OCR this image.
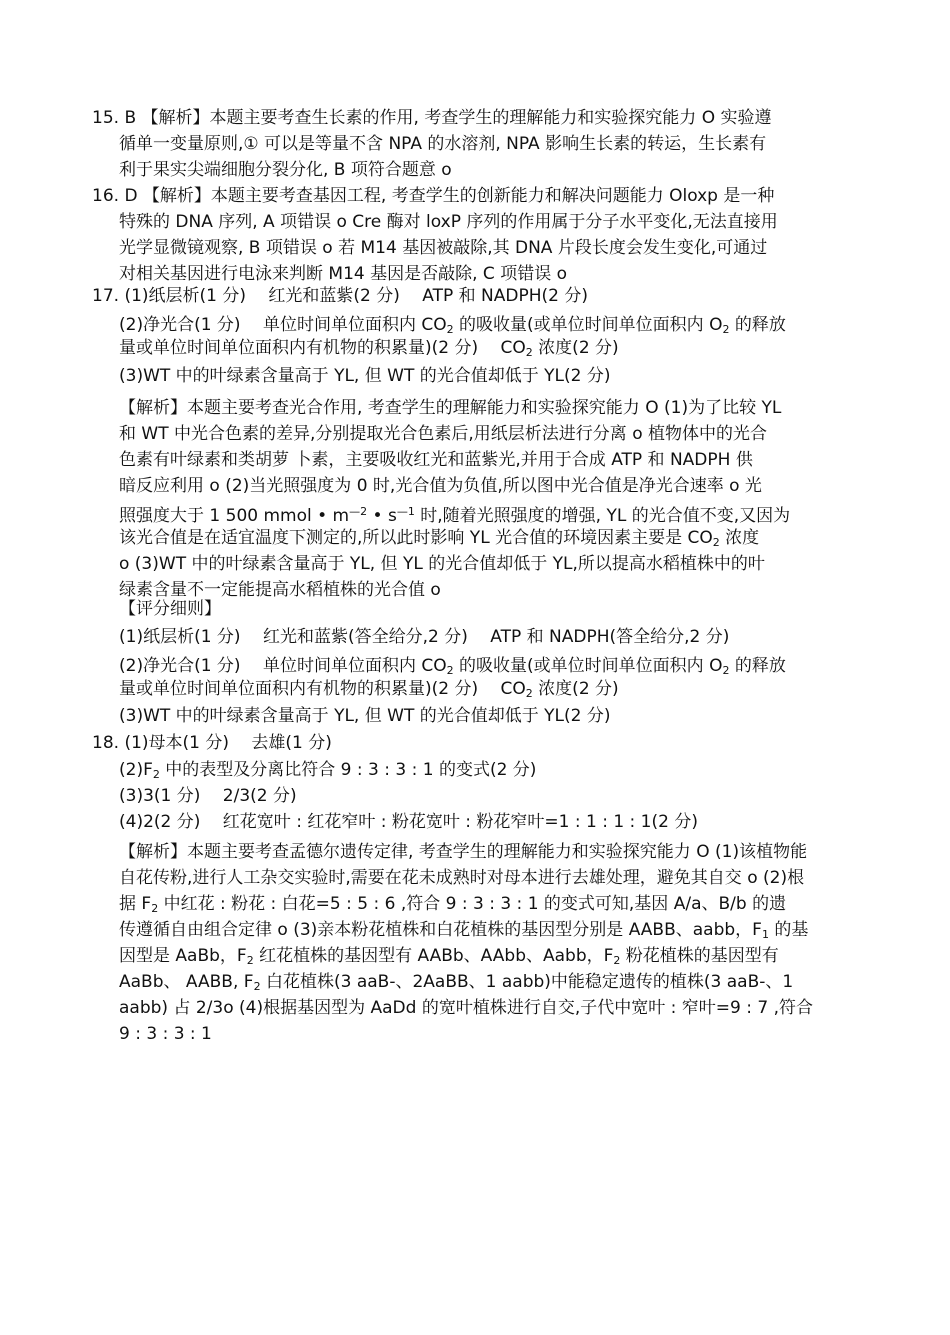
15. B 【解析】本题主要考查生长素的作用, 考查学生的理解能力和实验探究能力 O 实验遵
循单一变量原则,① 可以是等量不含 NPA 的水溶剂, NPA 影响生长素的转运，生长素有
利于果实尖端细胞分裂分化, B 项符合题意 o
16. D 【解析】本题主要考查基因工程, 考查学生的创新能力和解决问题能力 Oloxp 是一种
特殊的 DNA 序列, A 项错误 o Cre 酶对 loxP 序列的作用属于分子水平变化,无法直接用
光学显微镜观察, B 项错误 o 若 M14 基因被敲除,其 DNA 片段长度会发生变化,可通过
对相关基因进行电泳来判断 M14 基因是否敲除, C 项错误 o
17. (1)纸层析(1 分)　 红光和蓝紫(2 分)　 ATP 和 NADPH(2 分)
(2)净光合(1 分)　 单位时间单位面积内 $CO_2$ 的吸收量(或单位时间单位面积内 $O_2$ 的释放
量或单位时间单位面积内有机物的积累量)(2 分)　 $CO_2$ 浓度(2 分)
(3)WT 中的叶绿素含量高于 YL, 但 WT 的光合值却低于 YL(2 分)
【解析】本题主要考查光合作用, 考查学生的理解能力和实验探究能力 O (1)为了比较 YL
和 WT 中光合色素的差异,分别提取光合色素后,用纸层析法进行分离 o 植物体中的光合
色素有叶绿素和类胡萝 卜素，主要吸收红光和蓝紫光,并用于合成 ATP 和 NADPH 供
暗反应利用 o (2)当光照强度为 0 时,光合值为负值,所以图中光合值是净光合速率 o 光
照强度大于 1 500 mmol • $m^{—2}$ • $s^{—1}$ 时,随着光照强度的增强, YL 的光合值不变,又因为
该光合值是在适宜温度下测定的,所以此时影响 YL 光合值的环境因素主要是 $CO_2$ 浓度
o (3)WT 中的叶绿素含量高于 YL, 但 YL 的光合值却低于 YL,所以提高水稻植株中的叶
绿素含量不一定能提高水稻植株的光合值 o
【评分细则】
(1)纸层析(1 分)　 红光和蓝紫(答全给分,2 分)　 ATP 和 NADPH(答全给分,2 分)
(2)净光合(1 分)　 单位时间单位面积内 $CO_2$ 的吸收量(或单位时间单位面积内 $O_2$ 的释放
量或单位时间单位面积内有机物的积累量)(2 分)　 $CO_2$ 浓度(2 分)
(3)WT 中的叶绿素含量高于 YL, 但 WT 的光合值却低于 YL(2 分)
18. (1)母本(1 分)　 去雄(1 分)
$(2)F_2$ 中的表型及分离比符合 9 : 3 : 3 : 1 的变式(2 分)
(3)3(1 分)　 2/3(2 分)
(4)2(2 分)　 红花宽叶 : 红花窄叶 : 粉花宽叶 : 粉花窄叶=1 : 1 : 1 : 1(2 分)
【解析】本题主要考查孟德尔遗传定律, 考查学生的理解能力和实验探究能力 O (1)该植物能
自花传粉,进行人工杂交实验时,需要在花未成熟时对母本进行去雄处理，避免其自交 o (2)根
据 $F_2$ 中红花 : 粉花 : 白花=5 : 5 : 6 ,符合 9 : 3 : 3 : 1 的变式可知,基因 A/a、B/b 的遗
传遵循自由组合定律 o (3)亲本粉花植株和白花植株的基因型分别是 AABB、aabb，$F_1$ 的基
因型是 AaBb，$F_2$ 红花植株的基因型有 AABb、AAbb、Aabb，$F_2$ 粉花植株的基因型有
AaBb、 AABB, $F_2$ 白花植株(3 aaB-、2AaBB、1 aabb)中能稳定遗传的植株(3 aaB-、1
aabb) 占 2/3o (4)根据基因型为 AaDd 的宽叶植株进行自交,子代中宽叶 : 窄叶=9 : 7 ,符合
9 : 3 : 3 : 1
